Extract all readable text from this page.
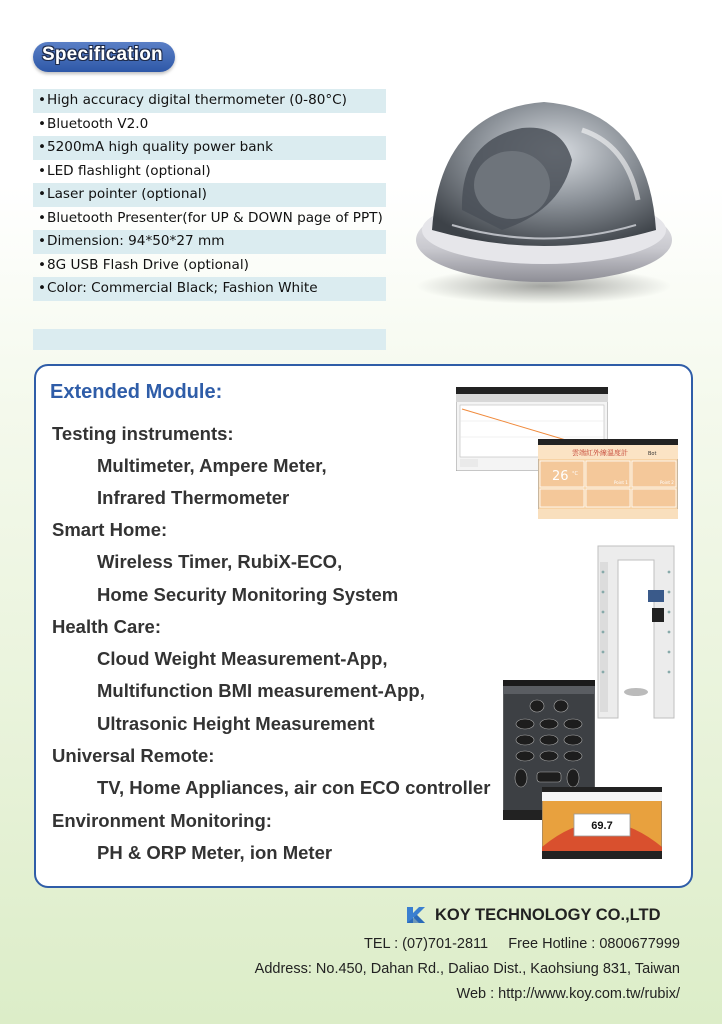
Specification
•High accuracy digital thermometer (0-80°C)
•Bluetooth V2.0
•5200mA high quality power bank
•LED flashlight (optional)
•Laser pointer (optional)
•Bluetooth Presenter(for UP & DOWN page of PPT)
•Dimension: 94*50*27 mm
•8G USB Flash Drive (optional)
•Color: Commercial Black; Fashion White
Extended Module:
Testing instruments:
Multimeter, Ampere Meter,
Infrared Thermometer
Smart Home:
Wireless Timer, RubiX-ECO,
Home Security Monitoring System
Health Care:
Cloud Weight Measurement-App,
Multifunction BMI measurement-App,
Ultrasonic Height Measurement
Universal Remote:
TV, Home Appliances, air con ECO controller
Environment Monitoring:
PH & ORP Meter, ion Meter
雲端紅外線溫度計	Bot
26 °C
Point 1	Point 2
69.7
KOY TECHNOLOGY CO.,LTD
TEL : (07)701-2811 Free Hotline : 0800677999
Address: No.450, Dahan Rd., Daliao Dist., Kaohsiung 831, Taiwan
Web : http://www.koy.com.tw/rubix/
